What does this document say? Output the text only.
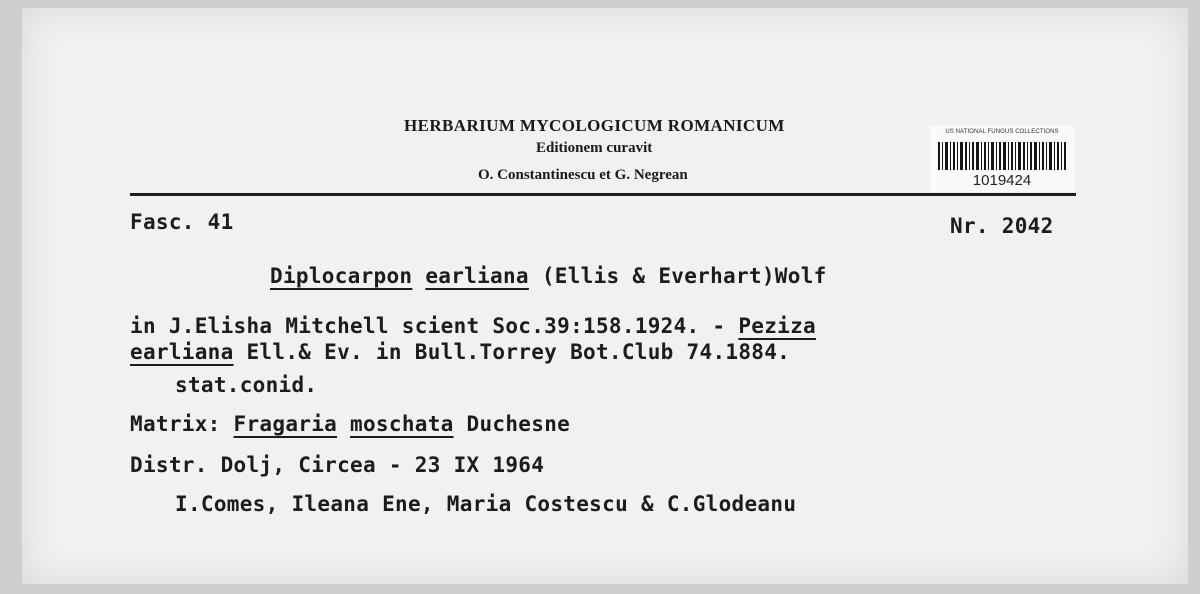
HERBARIUM MYCOLOGICUM ROMANICUM
Editionem curavit
O. Constantinescu et G. Negrean
US NATIONAL FUNGUS COLLECTIONS
1019424
Fasc. 41	Nr. 2042
Diplocarpon earliana (Ellis & Everhart)Wolf
in J.Elisha Mitchell scient Soc.39:158.1924. - Peziza
earliana Ell.& Ev. in Bull.Torrey Bot.Club 74.1884.
stat.conid.
Matrix: Fragaria moschata Duchesne
Distr. Dolj, Circea - 23 IX 1964
I.Comes, Ileana Ene, Maria Costescu & C.Glodeanu
